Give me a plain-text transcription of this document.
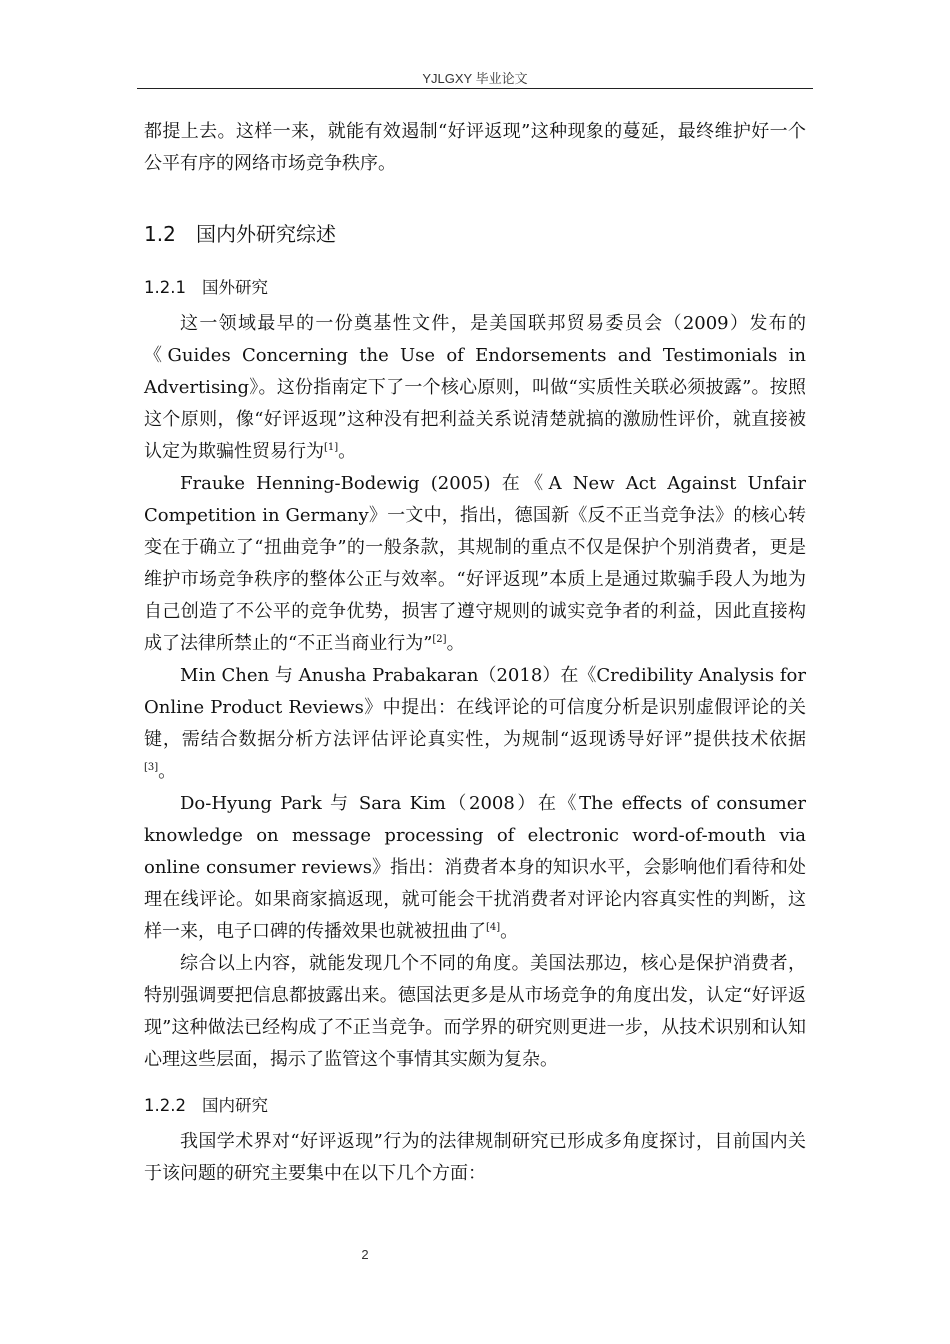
YJLGXY 毕业论文

都提上去。这样一来，就能有效遏制“好评返现”这种现象的蔓延，最终维护好一个公平有序的网络市场竞争秩序。

1.2 国内外研究综述
1.2.1 国外研究

这一领域最早的一份奠基性文件，是美国联邦贸易委员会（2009）发布的《Guides Concerning the Use of Endorsements and Testimonials in Advertising》。这份指南定下了一个核心原则，叫做“实质性关联必须披露”。按照这个原则，像“好评返现”这种没有把利益关系说清楚就搞的激励性评价，就直接被认定为欺骗性贸易行为[1]。

Frauke Henning-Bodewig (2005) 在《A New Act Against Unfair Competition in Germany》一文中，指出，德国新《反不正当竞争法》的核心转变在于确立了“扭曲竞争”的一般条款，其规制的重点不仅是保护个别消费者，更是维护市场竞争秩序的整体公正与效率。“好评返现”本质上是通过欺骗手段人为地为自己创造了不公平的竞争优势，损害了遵守规则的诚实竞争者的利益，因此直接构成了法律所禁止的“不正当商业行为”[2]。

Min Chen 与 Anusha Prabakaran（2018）在《Credibility Analysis for Online Product Reviews》中提出：在线评论的可信度分析是识别虚假评论的关键，需结合数据分析方法评估评论真实性，为规制“返现诱导好评”提供技术依据[3]。

Do-Hyung Park 与 Sara Kim（2008）在《The effects of consumer knowledge on message processing of electronic word-of-mouth via online consumer reviews》指出：消费者本身的知识水平，会影响他们看待和处理在线评论。如果商家搞返现，就可能会干扰消费者对评论内容真实性的判断，这样一来，电子口碑的传播效果也就被扭曲了[4]。

综合以上内容，就能发现几个不同的角度。美国法那边，核心是保护消费者，特别强调要把信息都披露出来。德国法更多是从市场竞争的角度出发，认定“好评返现”这种做法已经构成了不正当竞争。而学界的研究则更进一步，从技术识别和认知心理这些层面，揭示了监管这个事情其实颇为复杂。

1.2.2 国内研究

我国学术界对“好评返现”行为的法律规制研究已形成多角度探讨，目前国内关于该问题的研究主要集中在以下几个方面：

2
